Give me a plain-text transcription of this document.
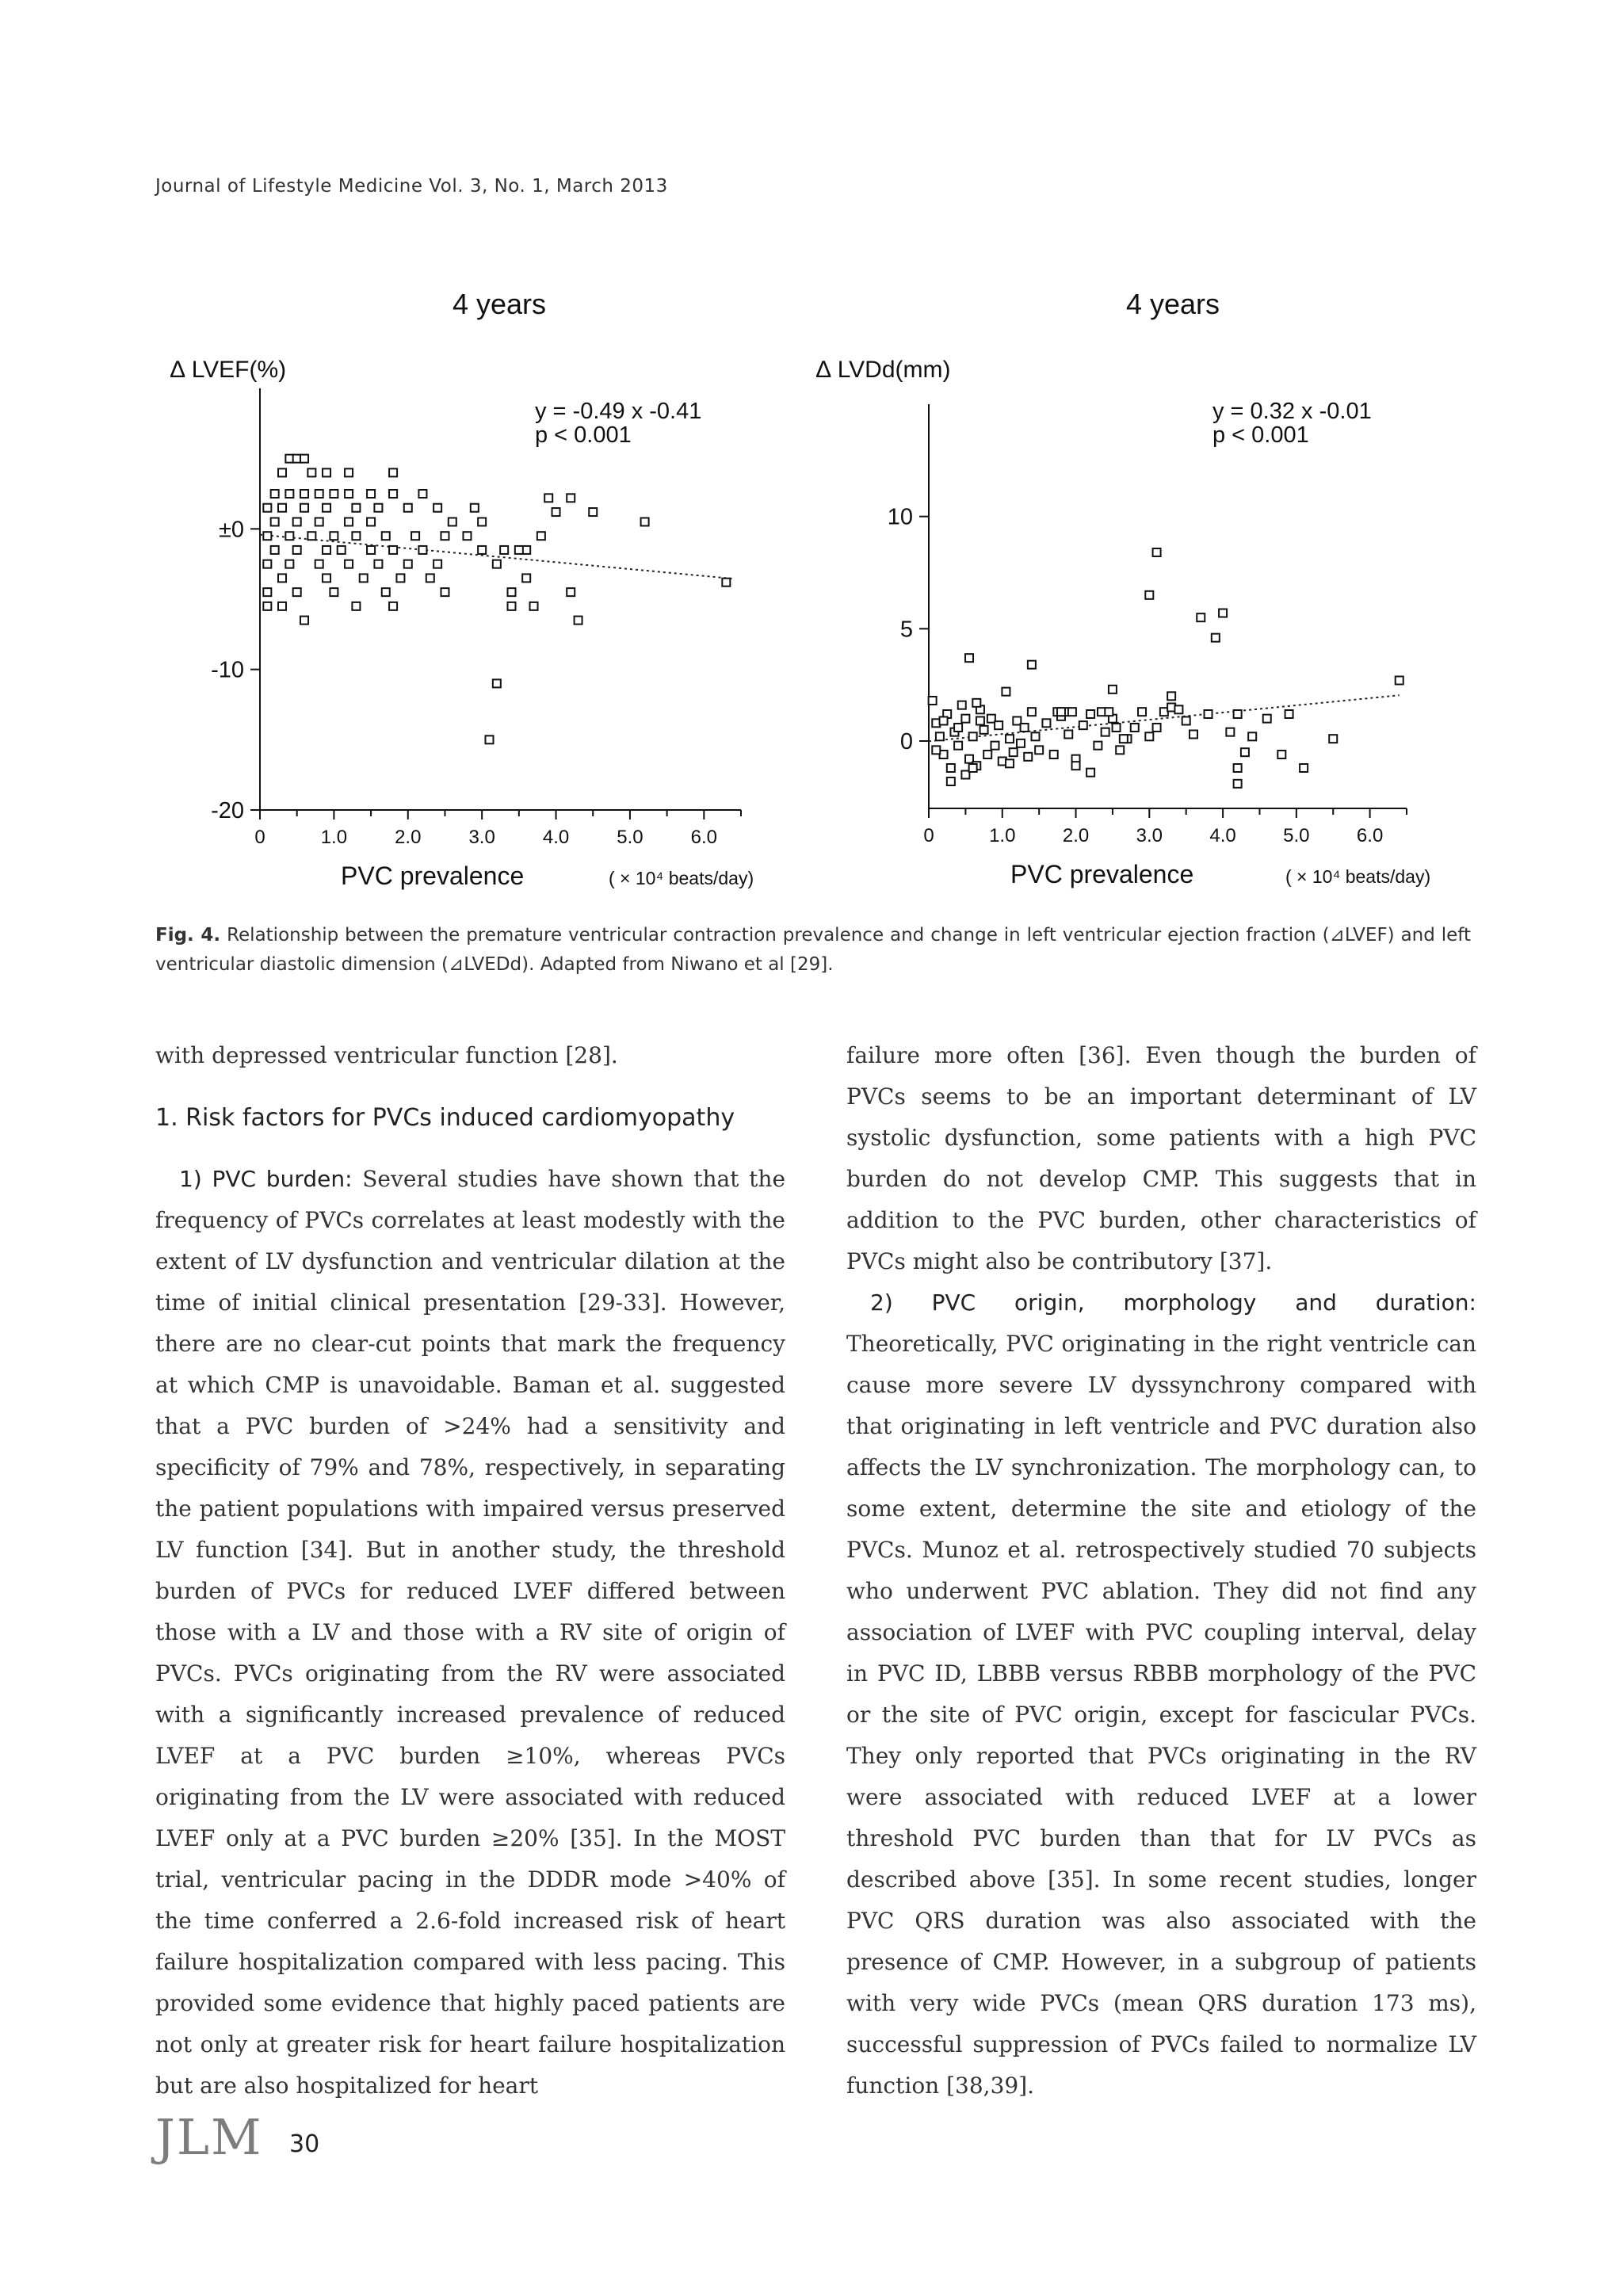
Journal of Lifestyle Medicine Vol. 3, No. 1, March 2013
4 years
∆ LVEF(%)
y = -0.49 x -0.41
p < 0.001
PVC prevalence	( × 10⁴ beats/day)
0	1.0	2.0	3.0	4.0	5.0	6.0
±0
-10
-20
4 years
∆ LVDd(mm)
y = 0.32 x -0.01
p < 0.001
PVC prevalence	( × 10⁴ beats/day)
0	1.0 2.0 3.0 4.0 5.0 6.0
0
5
10
Fig. 4. Relationship between the premature ventricular contraction prevalence and change in left ventricular ejection fraction (⊿LVEF) and left ventricular diastolic dimension (⊿LVEDd). Adapted from Niwano et al [29].

with depressed ventricular function [28].

1. Risk factors for PVCs induced cardiomyopathy

1) PVC burden: Several studies have shown that the frequency of PVCs correlates at least modestly with the extent of LV dysfunction and ventricular dilation at the time of initial clinical presentation [29-33]. However, there are no clear-cut points that mark the frequency at which CMP is unavoidable. Baman et al. suggested that a PVC burden of >24% had a sensitivity and specificity of 79% and 78%, respectively, in separating the patient populations with impaired versus preserved LV function [34]. But in another study, the threshold burden of PVCs for reduced LVEF differed between those with a LV and those with a RV site of origin of PVCs. PVCs originating from the RV were associated with a significantly increased prevalence of reduced LVEF at a PVC burden ≥10%, whereas PVCs originating from the LV were associated with reduced LVEF only at a PVC burden ≥20% [35]. In the MOST trial, ventricular pacing in the DDDR mode >40% of the time conferred a 2.6-fold increased risk of heart failure hospitalization compared with less pacing. This provided some evidence that highly paced patients are not only at greater risk for heart failure hospitalization but are also hospitalized for heart

failure more often [36]. Even though the burden of PVCs seems to be an important determinant of LV systolic dysfunction, some patients with a high PVC burden do not develop CMP. This suggests that in addition to the PVC burden, other characteristics of PVCs might also be contributory [37].

2) PVC origin, morphology and duration: Theoretically, PVC originating in the right ventricle can cause more severe LV dyssynchrony compared with that originating in left ventricle and PVC duration also affects the LV synchronization. The morphology can, to some extent, determine the site and etiology of the PVCs. Munoz et al. retrospectively studied 70 subjects who underwent PVC ablation. They did not find any association of LVEF with PVC coupling interval, delay in PVC ID, LBBB versus RBBB morphology of the PVC or the site of PVC origin, except for fascicular PVCs. They only reported that PVCs originating in the RV were associated with reduced LVEF at a lower threshold PVC burden than that for LV PVCs as described above [35]. In some recent studies, longer PVC QRS duration was also associated with the presence of CMP. However, in a subgroup of patients with very wide PVCs (mean QRS duration 173 ms), successful suppression of PVCs failed to normalize LV function [38,39].

JLM 30
